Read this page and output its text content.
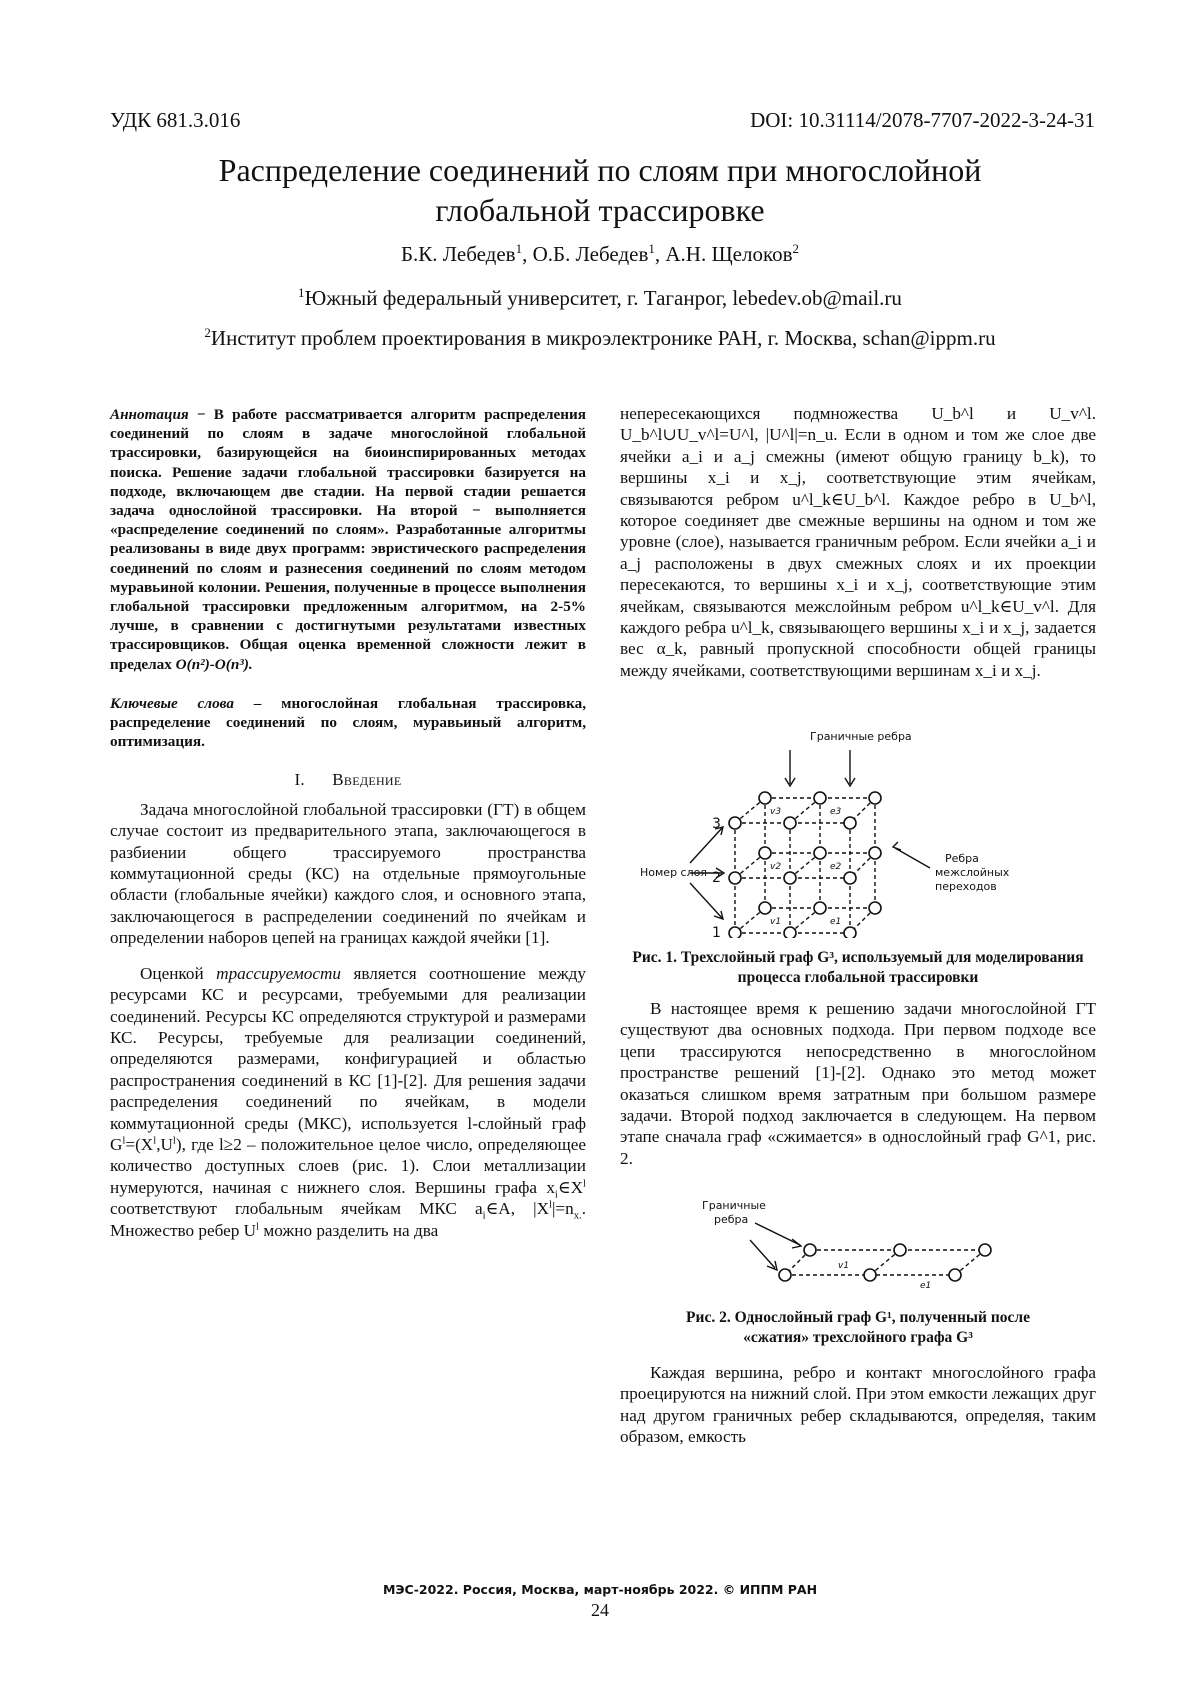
УДК 681.3.016	DOI: 10.31114/2078-7707-2022-3-24-31
Распределение соединений по слоям при многослойной
глобальной трассировке
Б.К. Лебедев$^1$, О.Б. Лебедев$^1$, А.Н. Щелоков$^2$
$^1$Южный федеральный университет, г. Таганрог, lebedev.ob@mail.ru
$^2$Институт проблем проектирования в микроэлектронике РАН, г. Москва, schan@ippm.ru

Аннотация − В работе рассматривается алгоритм распределения соединений по слоям в задаче многослойной глобальной трассировки, базирующейся на биоинспирированных методах поиска. Решение задачи глобальной трассировки базируется на подходе, включающем две стадии. На первой стадии решается задача однослойной трассировки. На второй − выполняется «распределение соединений по слоям». Разработанные алгоритмы реализованы в виде двух программ: эвристического распределения соединений по слоям и разнесения соединений по слоям методом муравьиной колонии. Решения, полученные в процессе выполнения глобальной трассировки предложенным алгоритмом, на 2-5% лучше, в сравнении с достигнутыми результатами известных трассировщиков. Общая оценка временной сложности лежит в пределах O(n²)-O(n³).

Ключевые слова – многослойная глобальная трассировка, распределение соединений по слоям, муравьиный алгоритм, оптимизация.

I. Введение

Задача многослойной глобальной трассировки (ГТ) в общем случае состоит из предварительного этапа, заключающегося в разбиении общего трассируемого пространства коммутационной среды (КС) на отдельные прямоугольные области (глобальные ячейки) каждого слоя, и основного этапа, заключающегося в распределении соединений по ячейкам и определении наборов цепей на границах каждой ячейки [1].

Оценкой трассируемости является соотношение между ресурсами КС и ресурсами, требуемыми для реализации соединений. Ресурсы КС определяются структурой и размерами КС. Ресурсы, требуемые для реализации соединений, определяются размерами, конфигурацией и областью распространения соединений в КС [1]-[2]. Для решения задачи распределения соединений по ячейкам, в модели коммутационной среды (МКС), используется l-слойный граф $G^l=(X^l,U^l)$, где l≥2 – положительное целое число, определяющее количество доступных слоев (рис. 1). Слои металлизации нумеруются, начиная с нижнего слоя. Вершины графа $x_i\in X^l$ соответствуют глобальным ячейкам МКС $a_i\in A$, $|X^l|=n_{x.}$. Множество ребер $U^l$ можно разделить на два

непересекающихся подмножества U_b^l и U_v^l. U_b^l∪U_v^l=U^l, |U^l|=n_u. Если в одном и том же слое две ячейки a_i и a_j смежны (имеют общую границу b_k), то вершины x_i и x_j, соответствующие этим ячейкам, связываются ребром u^l_k∈U_b^l. Каждое ребро в U_b^l, которое соединяет две смежные вершины на одном и том же уровне (слое), называется граничным ребром. Если ячейки a_i и a_j расположены в двух смежных слоях и их проекции пересекаются, то вершины x_i и x_j, соответствующие этим ячейкам, связываются межслойным ребром u^l_k∈U_v^l. Для каждого ребра u^l_k, связывающего вершины x_i и x_j, задается вес α_k, равный пропускной способности общей границы между ячейками, соответствующими вершинам x_i и x_j.

Граничные ребра
Номер слоя
Ребра
межслойных
переходов
3
2
1
v3	e3
v2	e2
v1	e1
Рис. 1. Трехслойный граф G³, используемый для моделирования процесса глобальной трассировки

В настоящее время к решению задачи многослойной ГТ существуют два основных подхода. При первом подходе все цепи трассируются непосредственно в многослойном пространстве решений [1]-[2]. Однако это метод может оказаться слишком время затратным при большом размере задачи. Второй подход заключается в следующем. На первом этапе сначала граф «сжимается» в однослойный граф G^1, рис. 2.

Граничные
ребра
v1
e1
Рис. 2. Однослойный граф G¹, полученный после
«сжатия» трехслойного графа G³

Каждая вершина, ребро и контакт многослойного графа проецируются на нижний слой. При этом емкости лежащих друг над другом граничных ребер складываются, определяя, таким образом, емкость

МЭС-2022. Россия, Москва, март-ноябрь 2022. © ИППМ РАН
24
